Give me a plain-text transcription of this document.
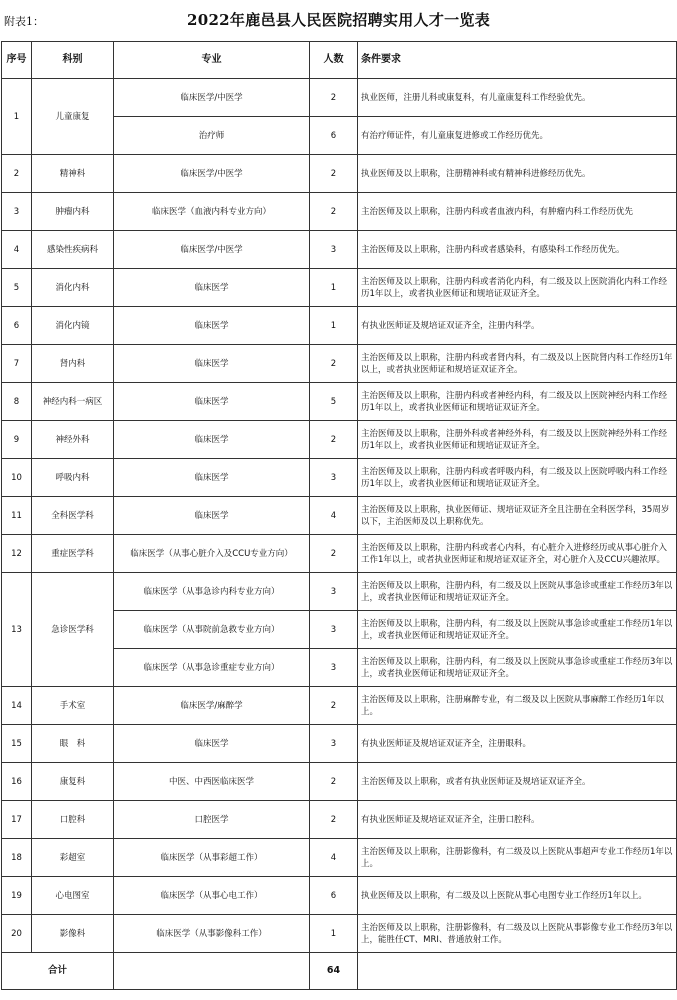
附表1：	2022年鹿邑县人民医院招聘实用人才一览表
序号	科别	专业	人数	条件要求
1	儿童康复	临床医学/中医学	2	执业医师，注册儿科或康复科，有儿童康复科工作经验优先。
		治疗师	6	有治疗师证件，有儿童康复进修或工作经历优先。
2	精神科	临床医学/中医学	2	执业医师及以上职称，注册精神科或有精神科进修经历优先。
3	肿瘤内科	临床医学（血液内科专业方向）	2	主治医师及以上职称，注册内科或者血液内科，有肿瘤内科工作经历优先
4	感染性疾病科	临床医学/中医学	3	主治医师及以上职称，注册内科或者感染科，有感染科工作经历优先。
5	消化内科	临床医学	1	主治医师及以上职称，注册内科或者消化内科，有二级及以上医院消化内科工作经历1年以上，或者执业医师证和规培证双证齐全。
6	消化内镜	临床医学	1	有执业医师证及规培证双证齐全，注册内科学。
7	肾内科	临床医学	2	主治医师及以上职称，注册内科或者肾内科，有二级及以上医院肾内科工作经历1年以上，或者执业医师证和规培证双证齐全。
8	神经内科一病区	临床医学	5	主治医师及以上职称，注册内科或者神经内科，有二级及以上医院神经内科工作经历1年以上，或者执业医师证和规培证双证齐全。
9	神经外科	临床医学	2	主治医师及以上职称，注册外科或者神经外科，有二级及以上医院神经外科工作经历1年以上，或者执业医师证和规培证双证齐全。
10	呼吸内科	临床医学	3	主治医师及以上职称，注册内科或者呼吸内科，有二级及以上医院呼吸内科工作经历1年以上，或者执业医师证和规培证双证齐全。
11	全科医学科	临床医学	4	主治医师及以上职称，执业医师证、规培证双证齐全且注册在全科医学科，35周岁以下，主治医师及以上职称优先。
12	重症医学科	临床医学（从事心脏介入及CCU专业方向）	2	主治医师及以上职称，注册内科或者心内科，有心脏介入进修经历或从事心脏介入工作1年以上，或者执业医师证和规培证双证齐全，对心脏介入及CCU兴趣浓厚。
13	急诊医学科	临床医学（从事急诊内科专业方向）	3	主治医师及以上职称，注册内科，有二级及以上医院从事急诊或重症工作经历3年以上，或者执业医师证和规培证双证齐全。
		临床医学（从事院前急救专业方向）	3	主治医师及以上职称，注册内科，有二级及以上医院从事急诊或重症工作经历1年以上，或者执业医师证和规培证双证齐全。
		临床医学（从事急诊重症专业方向）	3	主治医师及以上职称，注册内科，有二级及以上医院从事急诊或重症工作经历3年以上，或者执业医师证和规培证双证齐全。
14	手术室	临床医学/麻醉学	2	主治医师及以上职称，注册麻醉专业，有二级及以上医院从事麻醉工作经历1年以上。
15	眼　科	临床医学	3	有执业医师证及规培证双证齐全，注册眼科。
16	康复科	中医、中西医临床医学	2	主治医师及以上职称，或者有执业医师证及规培证双证齐全。
17	口腔科	口腔医学	2	有执业医师证及规培证双证齐全，注册口腔科。
18	彩超室	临床医学（从事彩超工作）	4	主治医师及以上职称，注册影像科，有二级及以上医院从事超声专业工作经历1年以上。
19	心电图室	临床医学（从事心电工作）	6	执业医师及以上职称，有二级及以上医院从事心电图专业工作经历1年以上。
20	影像科	临床医学（从事影像科工作）	1	主治医师及以上职称，注册影像科，有二级及以上医院从事影像专业工作经历3年以上，能胜任CT、MRI、普通放射工作。
合计			64	
